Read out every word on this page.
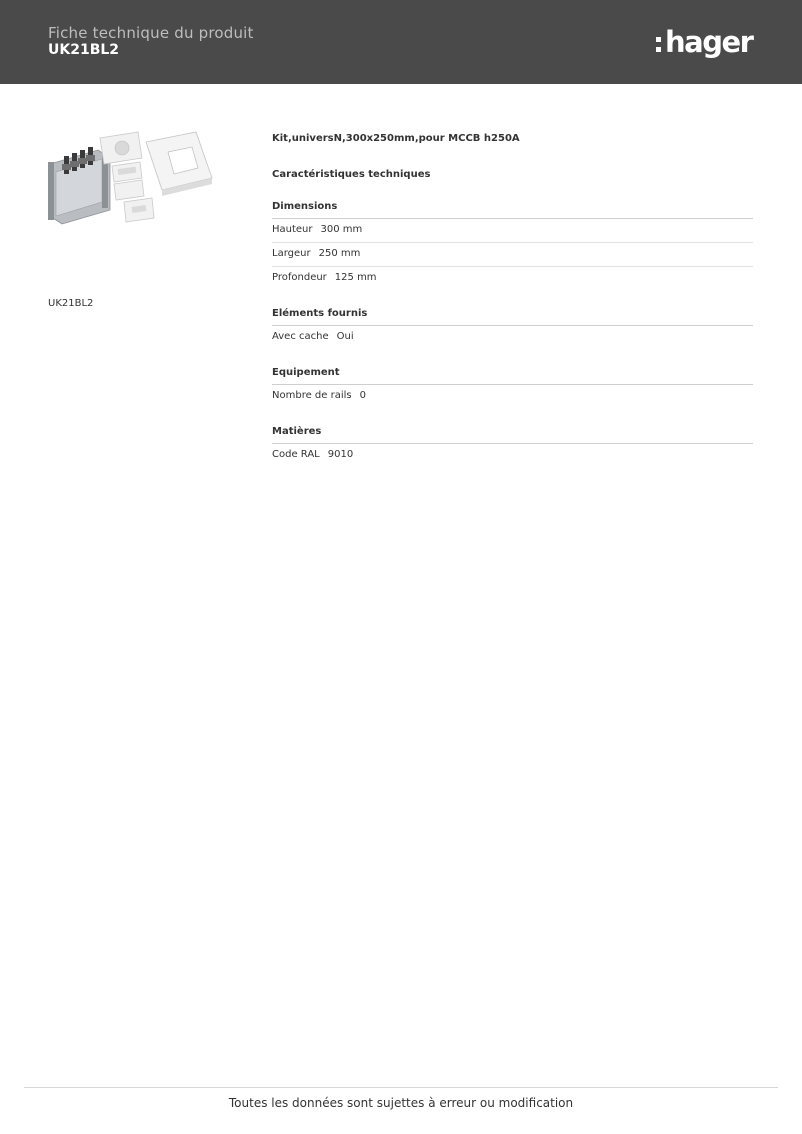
Fiche technique du produit
UK21BL2	hager
UK21BL2
Kit,universN,300x250mm,pour MCCB h250A
Caractéristiques techniques
Dimensions
Hauteur 300 mm
Largeur 250 mm
Profondeur 125 mm
Eléments fournis
Avec cache Oui
Equipement
Nombre de rails 0
Matières
Code RAL 9010
Toutes les données sont sujettes à erreur ou modification
